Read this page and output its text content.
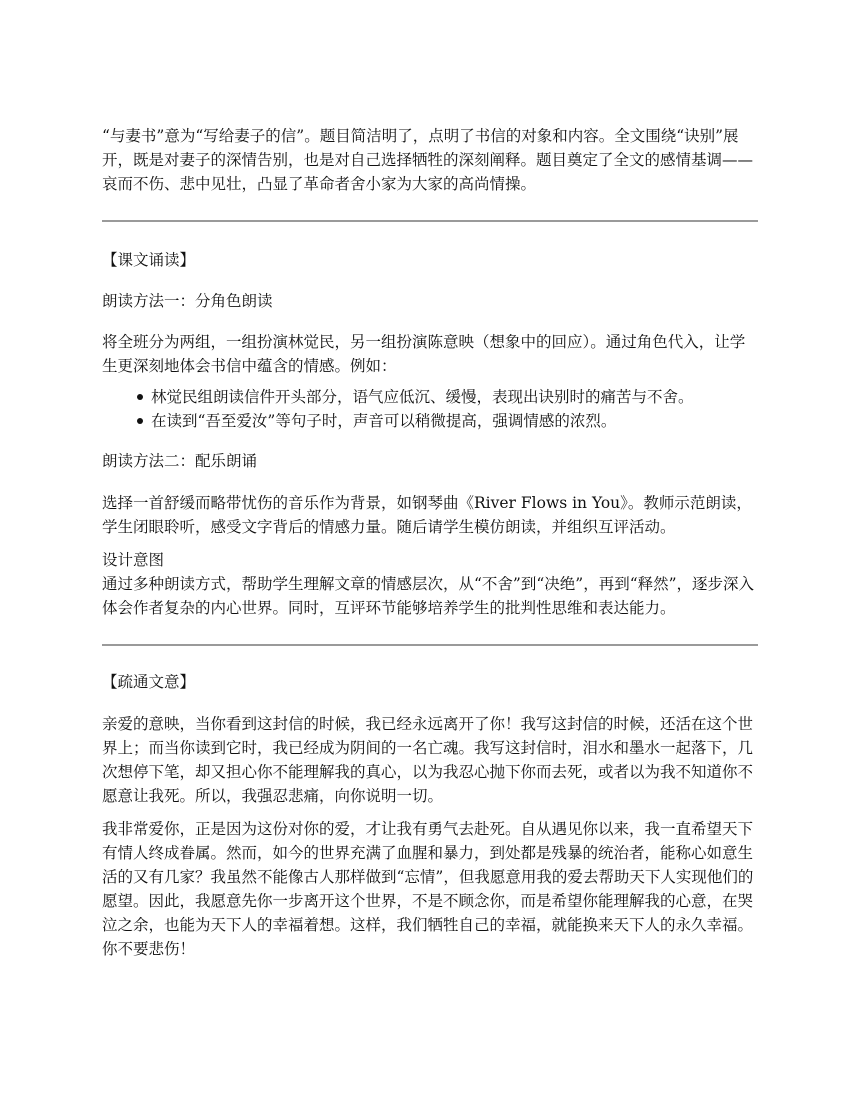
“与妻书”意为“写给妻子的信”。题目简洁明了，点明了书信的对象和内容。全文围绕“诀别”展开，既是对妻子的深情告别，也是对自己选择牺牲的深刻阐释。题目奠定了全文的感情基调——哀而不伤、悲中见壮，凸显了革命者舍小家为大家的高尚情操。

【课文诵读】

朗读方法一：分角色朗读

将全班分为两组，一组扮演林觉民，另一组扮演陈意映（想象中的回应）。通过角色代入，让学生更深刻地体会书信中蕴含的情感。例如：

林觉民组朗读信件开头部分，语气应低沉、缓慢，表现出诀别时的痛苦与不舍。
在读到“吾至爱汝”等句子时，声音可以稍微提高，强调情感的浓烈。

朗读方法二：配乐朗诵

选择一首舒缓而略带忧伤的音乐作为背景，如钢琴曲《River Flows in You》。教师示范朗读，学生闭眼聆听，感受文字背后的情感力量。随后请学生模仿朗读，并组织互评活动。

设计意图

通过多种朗读方式，帮助学生理解文章的情感层次，从“不舍”到“决绝”，再到“释然”，逐步深入体会作者复杂的内心世界。同时，互评环节能够培养学生的批判性思维和表达能力。

【疏通文意】

亲爱的意映，当你看到这封信的时候，我已经永远离开了你！我写这封信的时候，还活在这个世界上；而当你读到它时，我已经成为阴间的一名亡魂。我写这封信时，泪水和墨水一起落下，几次想停下笔，却又担心你不能理解我的真心，以为我忍心抛下你而去死，或者以为我不知道你不愿意让我死。所以，我强忍悲痛，向你说明一切。

我非常爱你，正是因为这份对你的爱，才让我有勇气去赴死。自从遇见你以来，我一直希望天下有情人终成眷属。然而，如今的世界充满了血腥和暴力，到处都是残暴的统治者，能称心如意生活的又有几家？我虽然不能像古人那样做到“忘情”，但我愿意用我的爱去帮助天下人实现他们的愿望。因此，我愿意先你一步离开这个世界，不是不顾念你，而是希望你能理解我的心意，在哭泣之余，也能为天下人的幸福着想。这样，我们牺牲自己的幸福，就能换来天下人的永久幸福。你不要悲伤！
